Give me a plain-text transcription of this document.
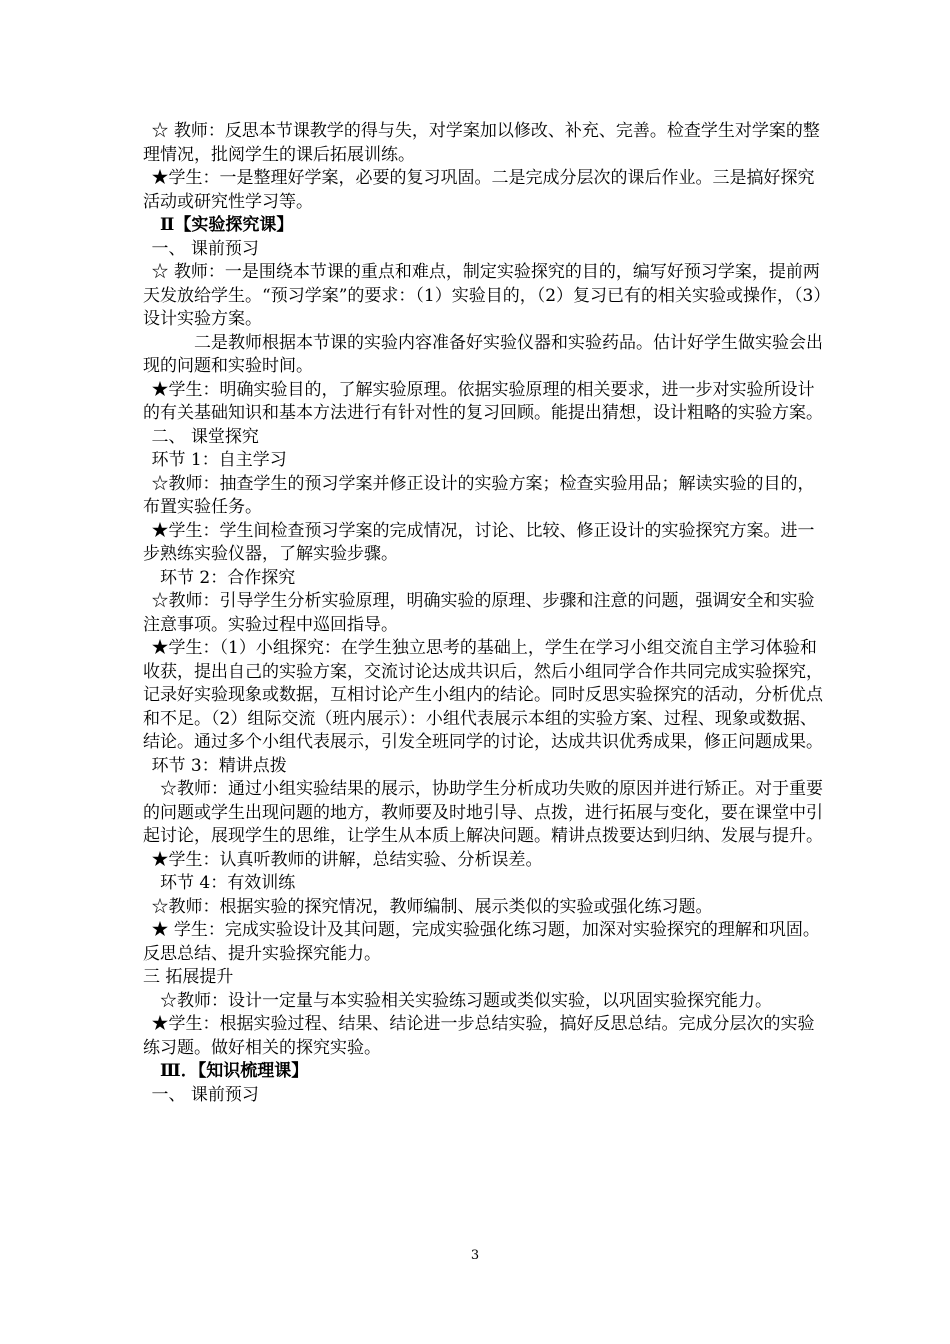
☆ 教师：反思本节课教学的得与失，对学案加以修改、补充、完善。检查学生对学案的整理情况，批阅学生的课后拓展训练。

★学生：一是整理好学案，必要的复习巩固。二是完成分层次的课后作业。三是搞好探究活动或研究性学习等。

Ⅱ【实验探究课】

一、 课前预习

☆ 教师：一是围绕本节课的重点和难点，制定实验探究的目的，编写好预习学案，提前两天发放给学生。“预习学案”的要求：（1）实验目的，（2）复习已有的相关实验或操作，（3）设计实验方案。

二是教师根据本节课的实验内容准备好实验仪器和实验药品。估计好学生做实验会出现的问题和实验时间。

★学生：明确实验目的，了解实验原理。依据实验原理的相关要求，进一步对实验所设计的有关基础知识和基本方法进行有针对性的复习回顾。能提出猜想，设计粗略的实验方案。

二、 课堂探究

环节 1：自主学习

☆教师：抽查学生的预习学案并修正设计的实验方案；检查实验用品；解读实验的目的，布置实验任务。

★学生：学生间检查预习学案的完成情况，讨论、比较、修正设计的实验探究方案。进一步熟练实验仪器，了解实验步骤。

环节 2：合作探究

☆教师：引导学生分析实验原理，明确实验的原理、步骤和注意的问题，强调安全和实验注意事项。实验过程中巡回指导。

★学生：（1）小组探究：在学生独立思考的基础上，学生在学习小组交流自主学习体验和收获，提出自己的实验方案，交流讨论达成共识后，然后小组同学合作共同完成实验探究，记录好实验现象或数据，互相讨论产生小组内的结论。同时反思实验探究的活动，分析优点和不足。（2）组际交流（班内展示）：小组代表展示本组的实验方案、过程、现象或数据、结论。通过多个小组代表展示，引发全班同学的讨论，达成共识优秀成果，修正问题成果。

环节 3：精讲点拨

☆教师：通过小组实验结果的展示，协助学生分析成功失败的原因并进行矫正。对于重要的问题或学生出现问题的地方，教师要及时地引导、点拨，进行拓展与变化，要在课堂中引起讨论，展现学生的思维，让学生从本质上解决问题。精讲点拨要达到归纳、发展与提升。

★学生：认真听教师的讲解，总结实验、分析误差。

环节 4：有效训练

☆教师：根据实验的探究情况，教师编制、展示类似的实验或强化练习题。

★ 学生：完成实验设计及其问题，完成实验强化练习题，加深对实验探究的理解和巩固。反思总结、提升实验探究能力。

三 拓展提升

☆教师：设计一定量与本实验相关实验练习题或类似实验，以巩固实验探究能力。

★学生：根据实验过程、结果、结论进一步总结实验，搞好反思总结。完成分层次的实验练习题。做好相关的探究实验。

Ⅲ．【知识梳理课】

一、 课前预习

3
